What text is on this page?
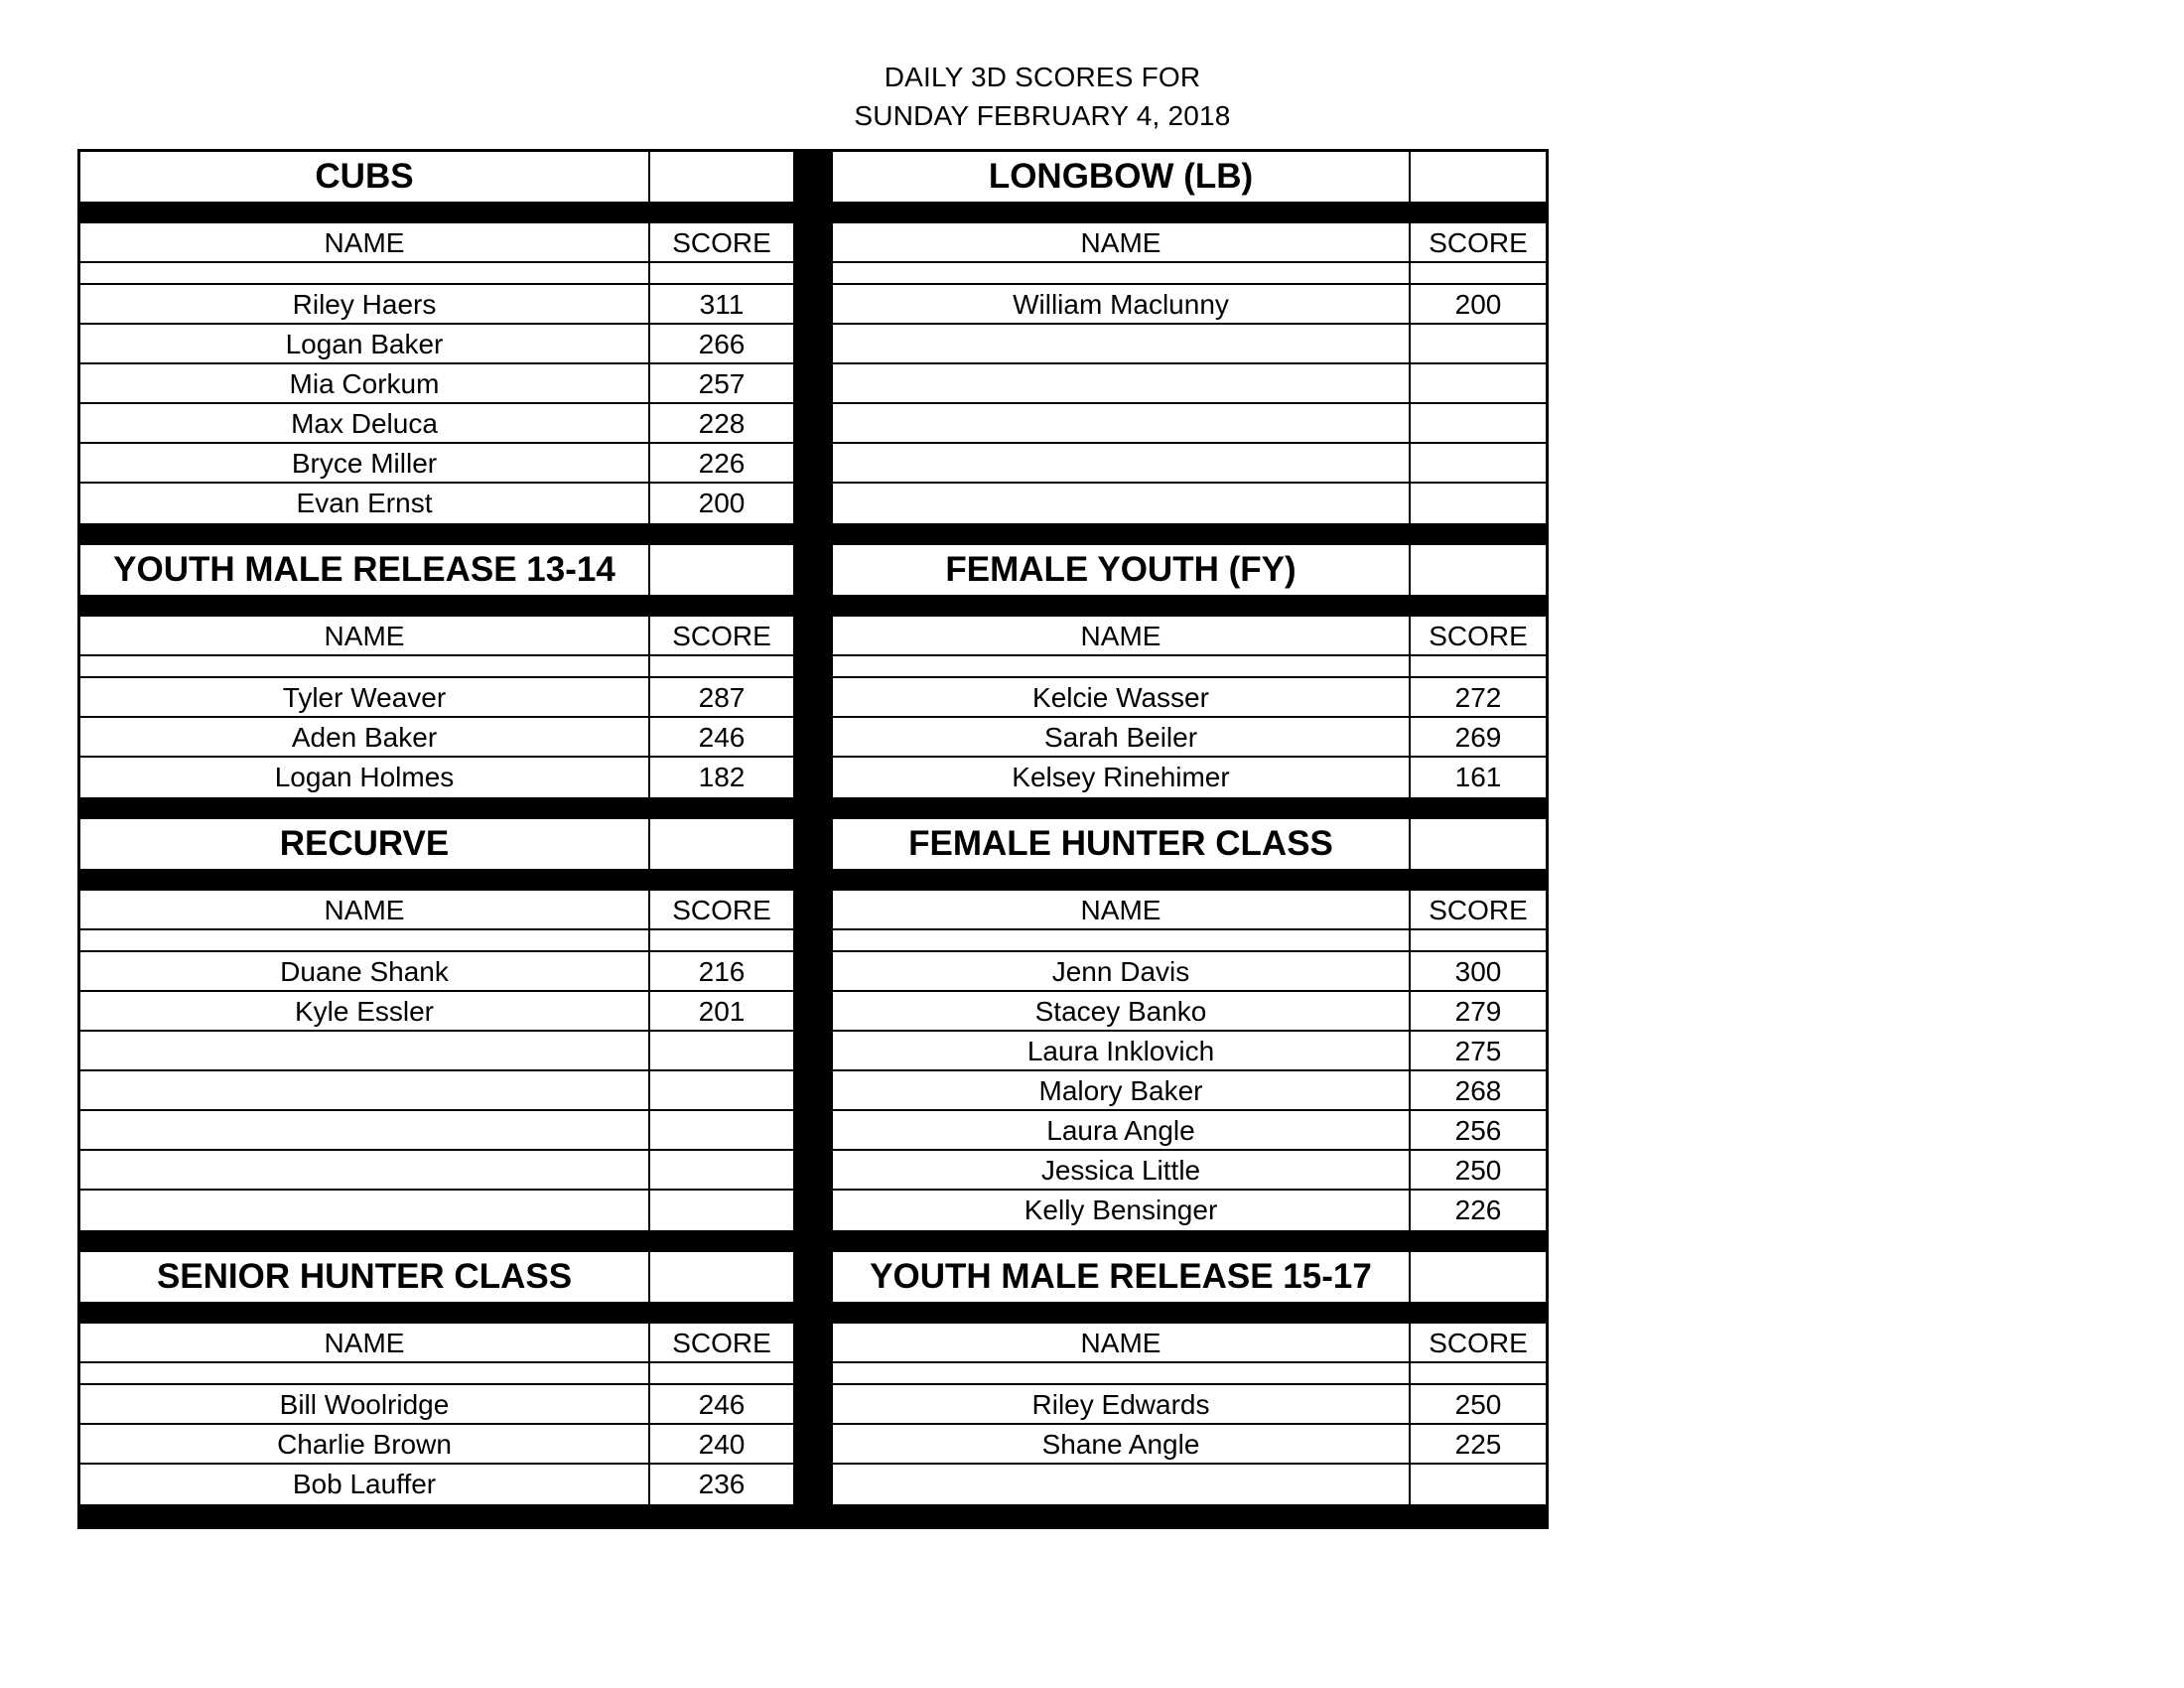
DAILY 3D SCORES FOR
SUNDAY FEBRUARY 4, 2018
CUBS
NAME	SCORE
Riley Haers	311
Logan Baker	266
Mia Corkum	257
Max Deluca	228
Bryce Miller	226
Evan Ernst	200
LONGBOW (LB)
NAME	SCORE
William Maclunny	200
YOUTH MALE RELEASE 13-14
NAME	SCORE
Tyler Weaver	287
Aden Baker	246
Logan Holmes	182
FEMALE YOUTH (FY)
NAME	SCORE
Kelcie Wasser	272
Sarah Beiler	269
Kelsey Rinehimer	161
RECURVE
NAME	SCORE
Duane Shank	216
Kyle Essler	201
FEMALE HUNTER CLASS
NAME	SCORE
Jenn Davis	300
Stacey Banko	279
Laura Inklovich	275
Malory Baker	268
Laura Angle	256
Jessica Little	250
Kelly Bensinger	226
SENIOR HUNTER CLASS
NAME	SCORE
Bill Woolridge	246
Charlie Brown	240
Bob Lauffer	236
YOUTH MALE RELEASE 15-17
NAME	SCORE
Riley Edwards	250
Shane Angle	225
